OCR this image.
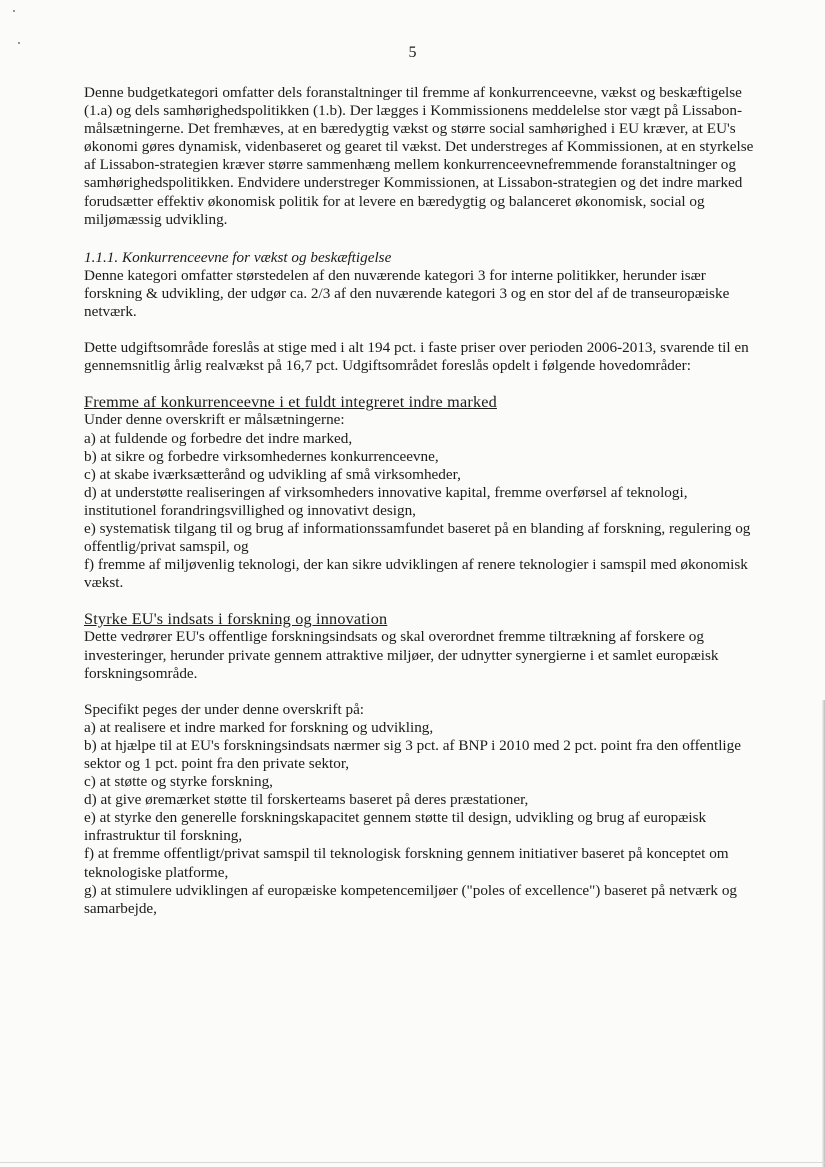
5

Denne budgetkategori omfatter dels foranstaltninger til fremme af konkurrenceevne, vækst og beskæftigelse (1.a) og dels samhørighedspolitikken (1.b). Der lægges i Kommissionens meddelelse stor vægt på Lissabon-målsætningerne. Det fremhæves, at en bæredygtig vækst og større social samhørighed i EU kræver, at EU's økonomi gøres dynamisk, videnbaseret og gearet til vækst. Det understreges af Kommissionen, at en styrkelse af Lissabon-strategien kræver større sammenhæng mellem konkurrenceevnefremmende foranstaltninger og samhørighedspolitikken. Endvidere understreger Kommissionen, at Lissabon-strategien og det indre marked forudsætter effektiv økonomisk politik for at levere en bæredygtig og balanceret økonomisk, social og miljømæssig udvikling.

1.1.1. Konkurrenceevne for vækst og beskæftigelse

Denne kategori omfatter størstedelen af den nuværende kategori 3 for interne politikker, herunder især forskning & udvikling, der udgør ca. 2/3 af den nuværende kategori 3 og en stor del af de transeuropæiske netværk.

Dette udgiftsområde foreslås at stige med i alt 194 pct. i faste priser over perioden 2006-2013, svarende til en gennemsnitlig årlig realvækst på 16,7 pct. Udgiftsområdet foreslås opdelt i følgende hovedområder:

Fremme af konkurrenceevne i et fuldt integreret indre marked

Under denne overskrift er målsætningerne:

a) at fuldende og forbedre det indre marked,

b) at sikre og forbedre virksomhedernes konkurrenceevne,

c) at skabe iværksætterånd og udvikling af små virksomheder,

d) at understøtte realiseringen af virksomheders innovative kapital, fremme overførsel af teknologi, institutionel forandringsvillighed og innovativt design,

e) systematisk tilgang til og brug af informationssamfundet baseret på en blanding af forskning, regulering og offentlig/privat samspil, og

f) fremme af miljøvenlig teknologi, der kan sikre udviklingen af renere teknologier i samspil med økonomisk vækst.

Styrke EU's indsats i forskning og innovation

Dette vedrører EU's offentlige forskningsindsats og skal overordnet fremme tiltrækning af forskere og investeringer, herunder private gennem attraktive miljøer, der udnytter synergierne i et samlet europæisk forskningsområde.

Specifikt peges der under denne overskrift på:

a) at realisere et indre marked for forskning og udvikling,

b) at hjælpe til at EU's forskningsindsats nærmer sig 3 pct. af BNP i 2010 med 2 pct. point fra den offentlige sektor og 1 pct. point fra den private sektor,

c) at støtte og styrke forskning,

d) at give øremærket støtte til forskerteams baseret på deres præstationer,

e) at styrke den generelle forskningskapacitet gennem støtte til design, udvikling og brug af europæisk infrastruktur til forskning,

f) at fremme offentligt/privat samspil til teknologisk forskning gennem initiativer baseret på konceptet om teknologiske platforme,

g) at stimulere udviklingen af europæiske kompetencemiljøer ("poles of excellence") baseret på netværk og samarbejde,
